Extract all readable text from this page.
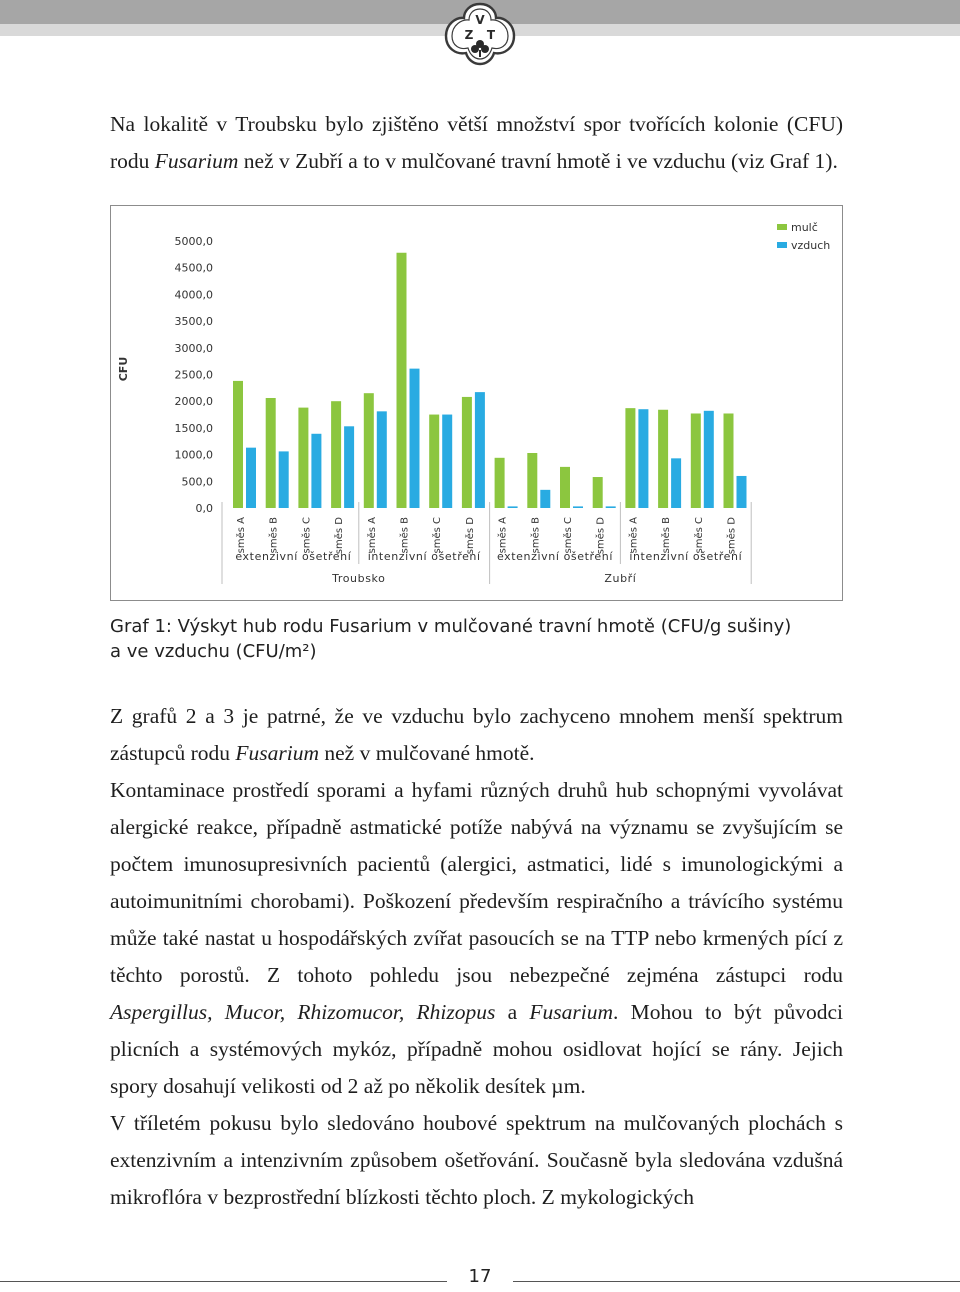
V
Z T

Na lokalitě v Troubsku bylo zjištěno větší množství spor tvořících kolonie (CFU) rodu Fusarium než v Zubří a to v mulčované travní hmotě i ve vzduchu (viz Graf 1).

5000,0
4500,0
4000,0
3500,0
3000,0
2500,0
2000,0
1500,0
1000,0
500,0
0,0
CFU
směs A směs B směs C směs D směs A směs B směs C směs D směs A směs B směs C směs D směs A směs B směs C směs D
extenzivní ošetření intenzivní ošetření extenzivní ošetření intenzivní ošetření
Troubsko	Zubří
mulč
vzduch
Graf 1: Výskyt hub rodu Fusarium v mulčované travní hmotě (CFU/g sušiny)
a ve vzduchu (CFU/m²)

Z grafů 2 a 3 je patrné, že ve vzduchu bylo zachyceno mnohem menší spektrum zástupců rodu Fusarium než v mulčované hmotě.

Kontaminace prostředí sporami a hyfami různých druhů hub schopnými vyvolávat alergické reakce, případně astmatické potíže nabývá na významu se zvyšujícím se počtem imunosupresivních pacientů (alergici, astmatici, lidé s imunologickými a autoimunitními chorobami). Poškození především respiračního a trávícího systému může také nastat u hospodářských zvířat pasoucích se na TTP nebo krmených pící z těchto porostů. Z tohoto pohledu jsou nebezpečné zejména zástupci rodu Aspergillus, Mucor, Rhizomucor, Rhizopus a Fusarium. Mohou to být původci plicních a systémových mykóz, případně mohou osidlovat hojící se rány. Jejich spory dosahují velikosti od 2 až po několik desítek µm.

V tříletém pokusu bylo sledováno houbové spektrum na mulčovaných plochách s extenzivním a intenzivním způsobem ošetřování. Současně byla sledována vzdušná mikroflóra v bezprostřední blízkosti těchto ploch. Z mykologických

17
